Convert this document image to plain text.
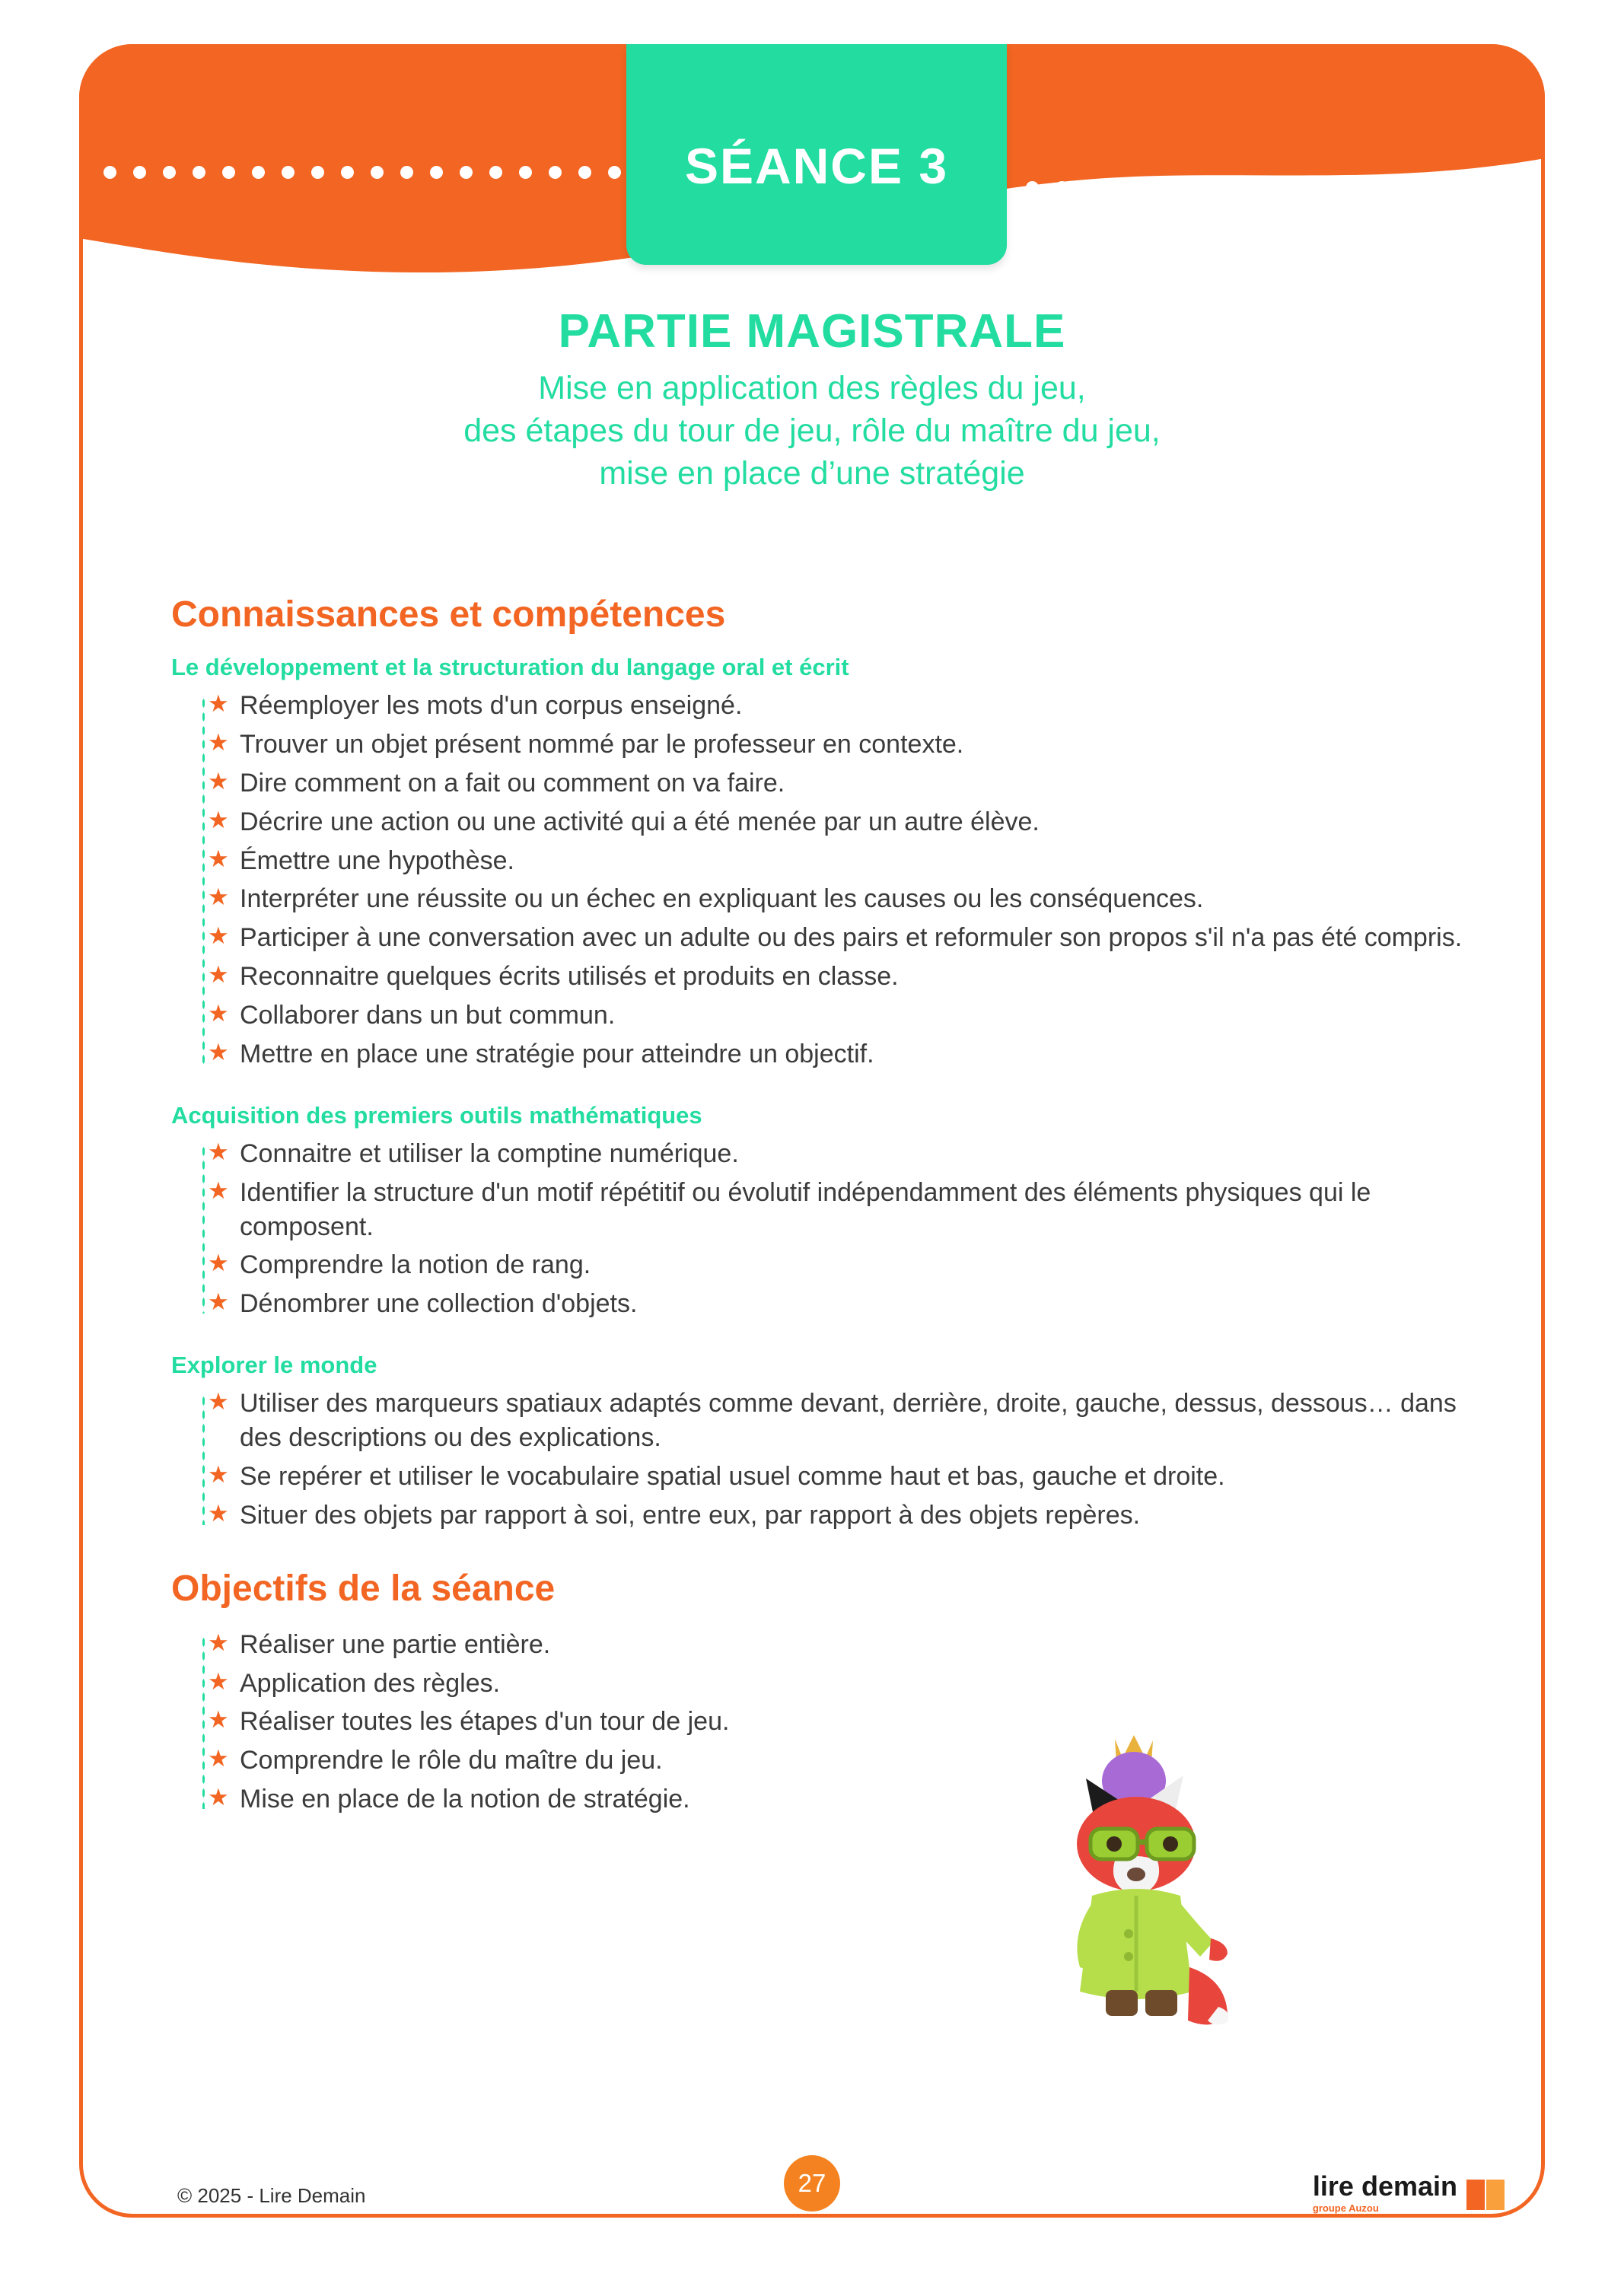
SÉANCE 3
PARTIE MAGISTRALE
Mise en application des règles du jeu,
des étapes du tour de jeu, rôle du maître du jeu,
mise en place d’une stratégie
Connaissances et compétences
Le développement et la structuration du langage oral et écrit
★ Réemployer les mots d'un corpus enseigné.
★ Trouver un objet présent nommé par le professeur en contexte.
★ Dire comment on a fait ou comment on va faire.
★ Décrire une action ou une activité qui a été menée par un autre élève.
★ Émettre une hypothèse.
★ Interpréter une réussite ou un échec en expliquant les causes ou les conséquences.
★ Participer à une conversation avec un adulte ou des pairs et reformuler son propos s'il n'a pas été compris.
★ Reconnaitre quelques écrits utilisés et produits en classe.
★ Collaborer dans un but commun.
★ Mettre en place une stratégie pour atteindre un objectif.
Acquisition des premiers outils mathématiques
★ Connaitre et utiliser la comptine numérique.
★ Identifier la structure d'un motif répétitif ou évolutif indépendamment des éléments physiques qui le composent.
★ Comprendre la notion de rang.
★ Dénombrer une collection d'objets.
Explorer le monde
★ Utiliser des marqueurs spatiaux adaptés comme devant, derrière, droite, gauche, dessus, dessous… dans des descriptions ou des explications.
★ Se repérer et utiliser le vocabulaire spatial usuel comme haut et bas, gauche et droite.
★ Situer des objets par rapport à soi, entre eux, par rapport à des objets repères.
Objectifs de la séance
★ Réaliser une partie entière.
★ Application des règles.
★ Réaliser toutes les étapes d'un tour de jeu.
★ Comprendre le rôle du maître du jeu.
★ Mise en place de la notion de stratégie.
27
© 2025 - Lire Demain	lire demain
groupe Auzou
